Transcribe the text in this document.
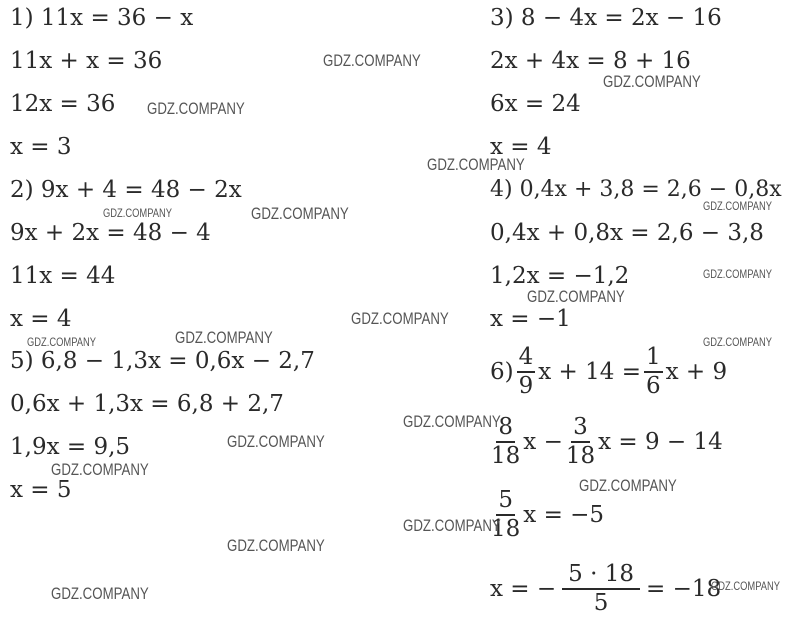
1) 11x = 36 − x
11x + x = 36
12x = 36
x = 3
2) 9x + 4 = 48 − 2x
9x + 2x = 48 − 4
11x = 44
x = 4
5) 6,8 − 1,3x = 0,6x − 2,7
0,6x + 1,3x = 6,8 + 2,7
1,9x = 9,5
x = 5
3) 8 − 4x = 2x − 16
2x + 4x = 8 + 16
6x = 24
x = 4
4) 0,4x + 3,8 = 2,6 − 0,8x
0,4x + 0,8x = 2,6 − 3,8
1,2x = −1,2
x = −1
$6) \frac{4}{9}$ $x + 14 = \frac{1}{6}$ x + 9
$\frac{8}{18}$ $x - \frac{3}{18}$ x = 9 − 14
$\frac{5}{18}$ x = −5
x = − $\frac{5 \cdot 18}{5} = -18$
GDZ.COMPANY
GDZ.COMPANY
GDZ.COMPANY
GDZ.COMPANY
GDZ.COMPANY
GDZ.COMPANY	GDZ.COMPANY
GDZ.COMPANY
GDZ.COMPANY
GDZ.COMPANY
GDZ.COMPANY	GDZ.COMPANY	GDZ.COMPANY
GDZ.COMPANY
GDZ.COMPANY
GDZ.COMPANY
GDZ.COMPANY
GDZ.COMPANY
GDZ.COMPANY
GDZ.COMPANY
GDZ.COMPANY
